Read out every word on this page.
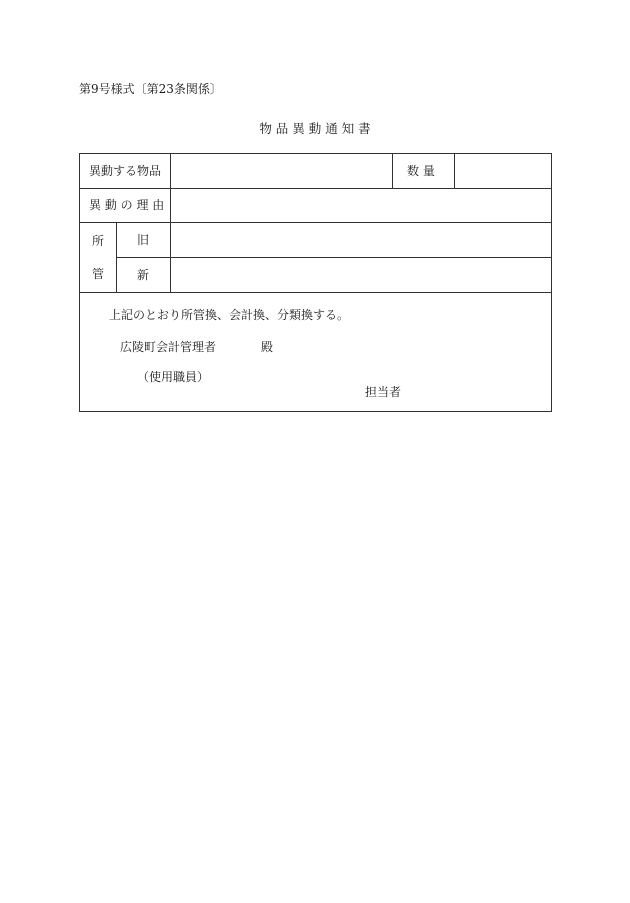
第9号様式〔第23条関係〕
物 品 異 動 通 知 書
異動する物品	数 量
異 動 の 理 由
所
管
旧
新
上記のとおり所管換、会計換、分類換する。
広陵町会計管理者	殿
（使用職員）
担当者
